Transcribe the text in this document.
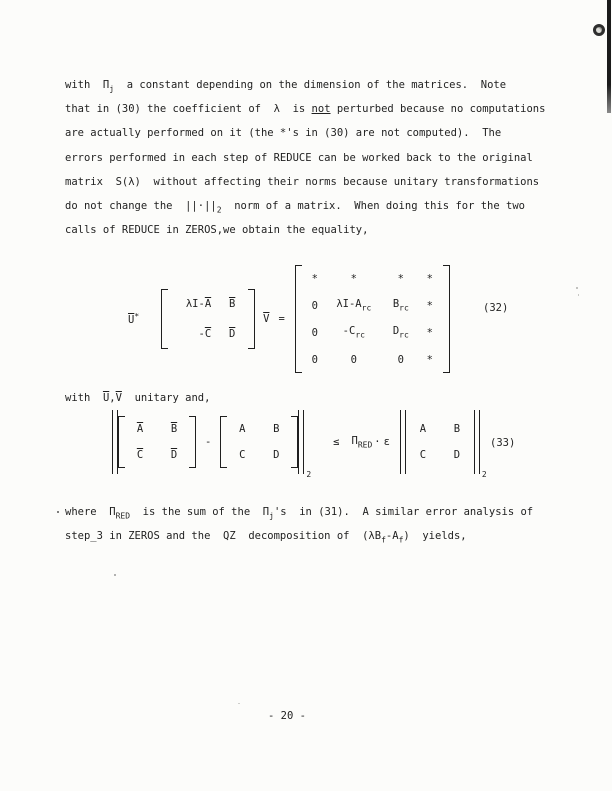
with  $\Pi_j$  a constant depending on the dimension of the matrices.  Note
that in (30) the coefficient of  λ  is not perturbed because no computations
are actually performed on it (the *'s in (30) are not computed).  The
errors performed in each step of REDUCE can be worked back to the original
matrix  S(λ)  without affecting their norms because unitary transformations
do not change the  $||\cdot||_2$  norm of a matrix.  When doing this for the two
calls of REDUCE in ZEROS,we obtain the equality,
$\overline{U}^*$
$\lambda I-\overline{A}$	$\overline{B}$
$-\overline{C}$	$\overline{D}$
$\overline{V}$ =
*	*	*	*
0	$\lambda I-A_{rc}$	$B_{rc}$	*
0	$-C_{rc}$	$D_{rc}$	*
0	0	0	*
(32)
with  $\overline{U},\overline{V}$  unitary and,
$\overline{A}$	$\overline{B}$
$\overline{C}$	$\overline{D}$
-
A	B
C	D
2
≤ $\Pi_{RED} \cdot \varepsilon$
A	B
C	D
2
(33)
where  $\Pi_{RED}$  is the sum of the  $\Pi_j's$  in (31).  A similar error analysis of
step_3 in ZEROS and the  QZ  decomposition of  $(\lambda B_f-A_f)$  yields,
- 20 -
